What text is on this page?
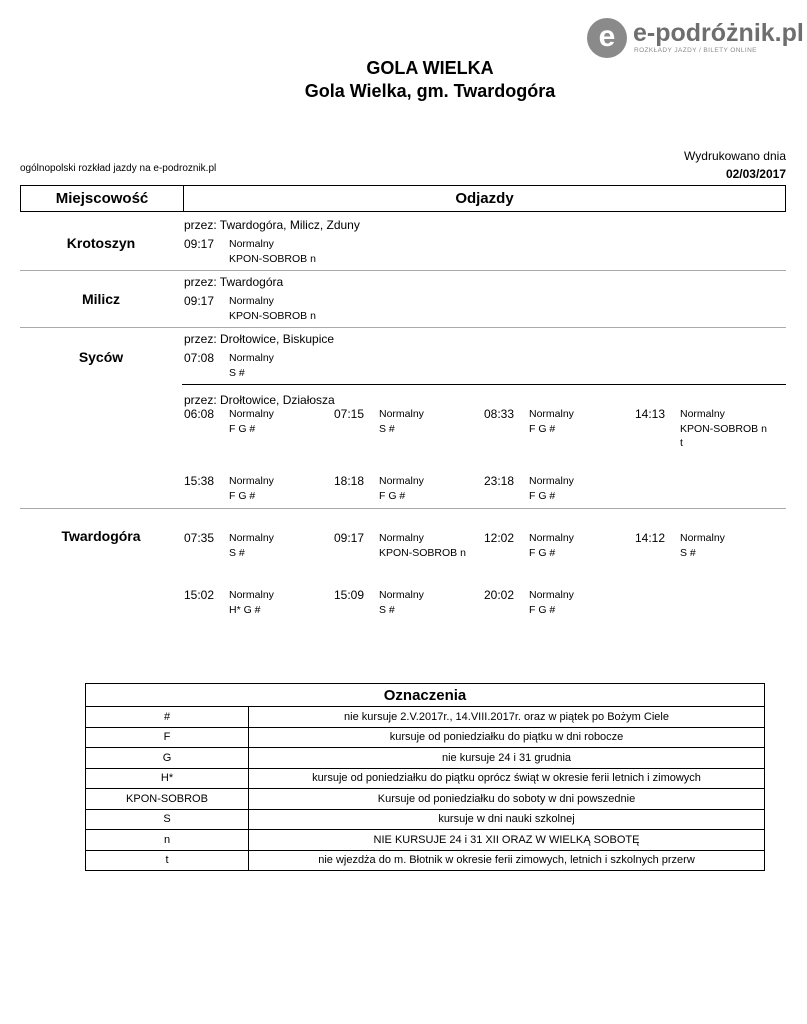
e e-podróżnik.pl
ROZKŁADY JAZDY / BILETY ONLINE
GOLA WIELKA
Gola Wielka, gm. Twardogóra
ogólnopolski rozkład jazdy na e-podroznik.pl
Wydrukowano dnia
02/03/2017
Miejscowość	Odjazdy
Krotoszyn
przez: Twardogóra, Milicz, Zduny
09:17 Normalny
KPON-SOBROB n
Milicz
przez: Twardogóra
09:17 Normalny
KPON-SOBROB n
Syców
przez: Drołtowice, Biskupice
07:08 Normalny
S #
przez: Drołtowice, Działosza
06:08 Normalny
F G #
07:15 Normalny
S #
08:33 Normalny
F G #
14:13 Normalny
KPON-SOBROB n
t
15:38 Normalny
F G #
18:18 Normalny
F G #
23:18 Normalny
F G #
Twardogóra	07:35 Normalny
S #
09:17 Normalny
KPON-SOBROB n
12:02 Normalny
F G #
14:12 Normalny
S #
15:02 Normalny
H* G #
15:09 Normalny
S #
20:02 Normalny
F G #
Oznaczenia	
#	nie kursuje 2.V.2017r., 14.VIII.2017r. oraz w piątek po Bożym Ciele
F	kursuje od poniedziałku do piątku w dni robocze
G	nie kursuje 24 i 31 grudnia
H*	kursuje od poniedziałku do piątku oprócz świąt w okresie ferii letnich i zimowych
KPON-SOBROB	Kursuje od poniedziałku do soboty w dni powszednie
S	kursuje w dni nauki szkolnej
n	NIE KURSUJE 24 i 31 XII ORAZ W WIELKĄ SOBOTĘ
t	nie wjezdża do m. Błotnik w okresie ferii zimowych, letnich i szkolnych przerw
